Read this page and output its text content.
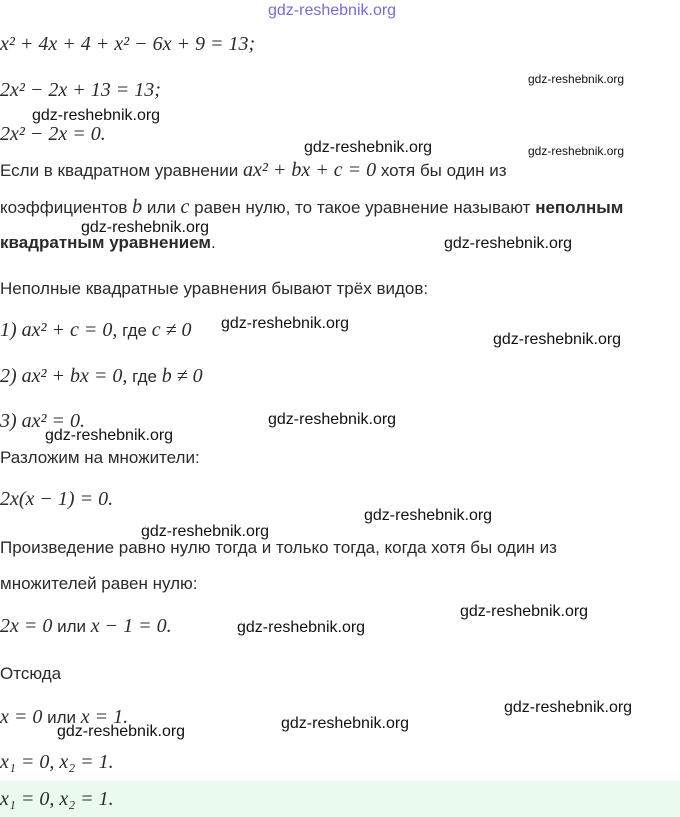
gdz-reshebnik.org
x² + 4x + 4 + x² − 6x + 9 = 13;
2x² − 2x + 13 = 13;
2x² − 2x = 0.
Если в квадратном уравнении ax² + bx + c = 0 хотя бы один из
коэффициентов b или c равен нулю, то такое уравнение называют неполным
квадратным уравнением.
Неполные квадратные уравнения бывают трёх видов:
1) ax² + c = 0, где c ≠ 0
2) ax² + bx = 0, где b ≠ 0
3) ax² = 0.
Разложим на множители:
2x(x − 1) = 0.
Произведение равно нулю тогда и только тогда, когда хотя бы один из
множителей равен нулю:
2x = 0 или x − 1 = 0.
Отсюда
x = 0 или x = 1.
x₁ = 0, x₂ = 1.
x₁ = 0, x₂ = 1.
gdz-reshebnik.org
gdz-reshebnik.org
gdz-reshebnik.org	gdz-reshebnik.org
gdz-reshebnik.org
gdz-reshebnik.org
gdz-reshebnik.org
gdz-reshebnik.org
gdz-reshebnik.org
gdz-reshebnik.org
gdz-reshebnik.org
gdz-reshebnik.org
gdz-reshebnik.org
gdz-reshebnik.org
gdz-reshebnik.org
gdz-reshebnik.org
gdz-reshebnik.org
